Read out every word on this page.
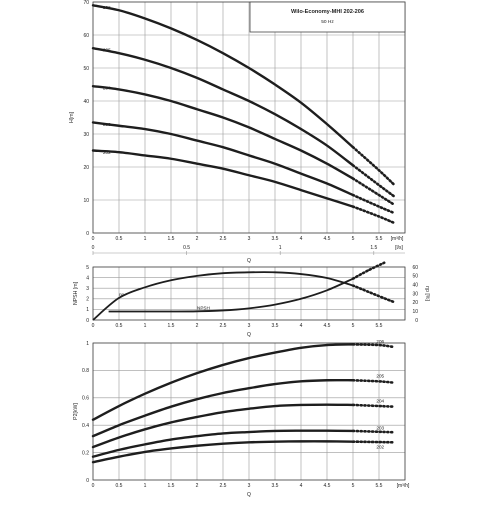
0
10
20
30
40
50
60
70
0	0.5	1	1.5	2	2.5	3	3.5	4	4.5	5	5.5 [m³/h]
H[m]
0	0.5	1	1.5	[l/s]
Q
206
205
204
203
202
Wilo-Economy-MHI 202-206
50 Hz
0
1
2
3
4
5
0
10
20
30
40
50
60
0	0.5	1	1.5	2	2.5	3	3.5	4	4.5	5	5.5
Q
NPSH [m]	ηp [%]
ηp
NPSH
0
0.2
0.4
0.6
0.8
1
0	0.5	1	1.5	2	2.5	3	3.5	4	4.5	5	5.5	[m³/h]
Q
P2[kW]
206
205
204
203
202
